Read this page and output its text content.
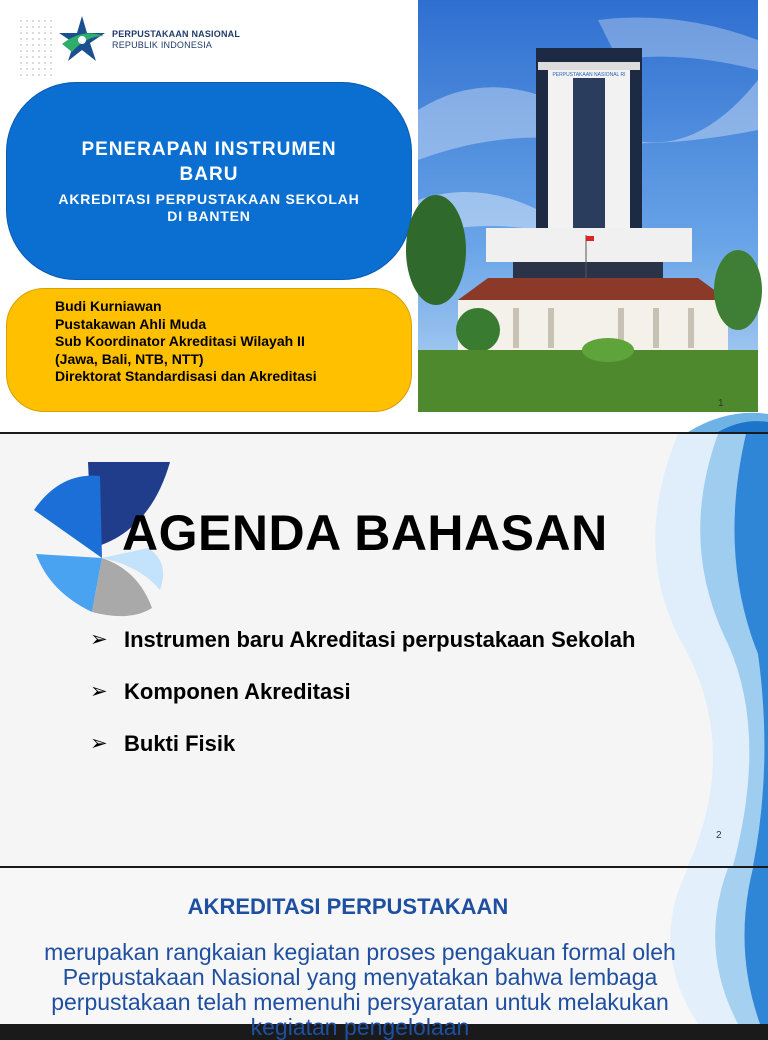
PERPUSTAKAAN NASIONAL
REPUBLIK INDONESIA
PENERAPAN INSTRUMEN BARU
AKREDITASI PERPUSTAKAAN SEKOLAH DI BANTEN
Budi Kurniawan
Pustakawan Ahli Muda
Sub Koordinator Akreditasi Wilayah II
(Jawa, Bali, NTB, NTT)
Direktorat Standardisasi dan Akreditasi
PERPUSTAKAAN NASIONAL RI
1
AGENDA BAHASAN
➢ Instrumen baru Akreditasi perpustakaan Sekolah
➢ Komponen Akreditasi
➢ Bukti Fisik
2
AKREDITASI PERPUSTAKAAN
merupakan rangkaian kegiatan proses pengakuan formal oleh Perpustakaan Nasional yang menyatakan bahwa lembaga perpustakaan telah memenuhi persyaratan untuk melakukan kegiatan pengelolaan
